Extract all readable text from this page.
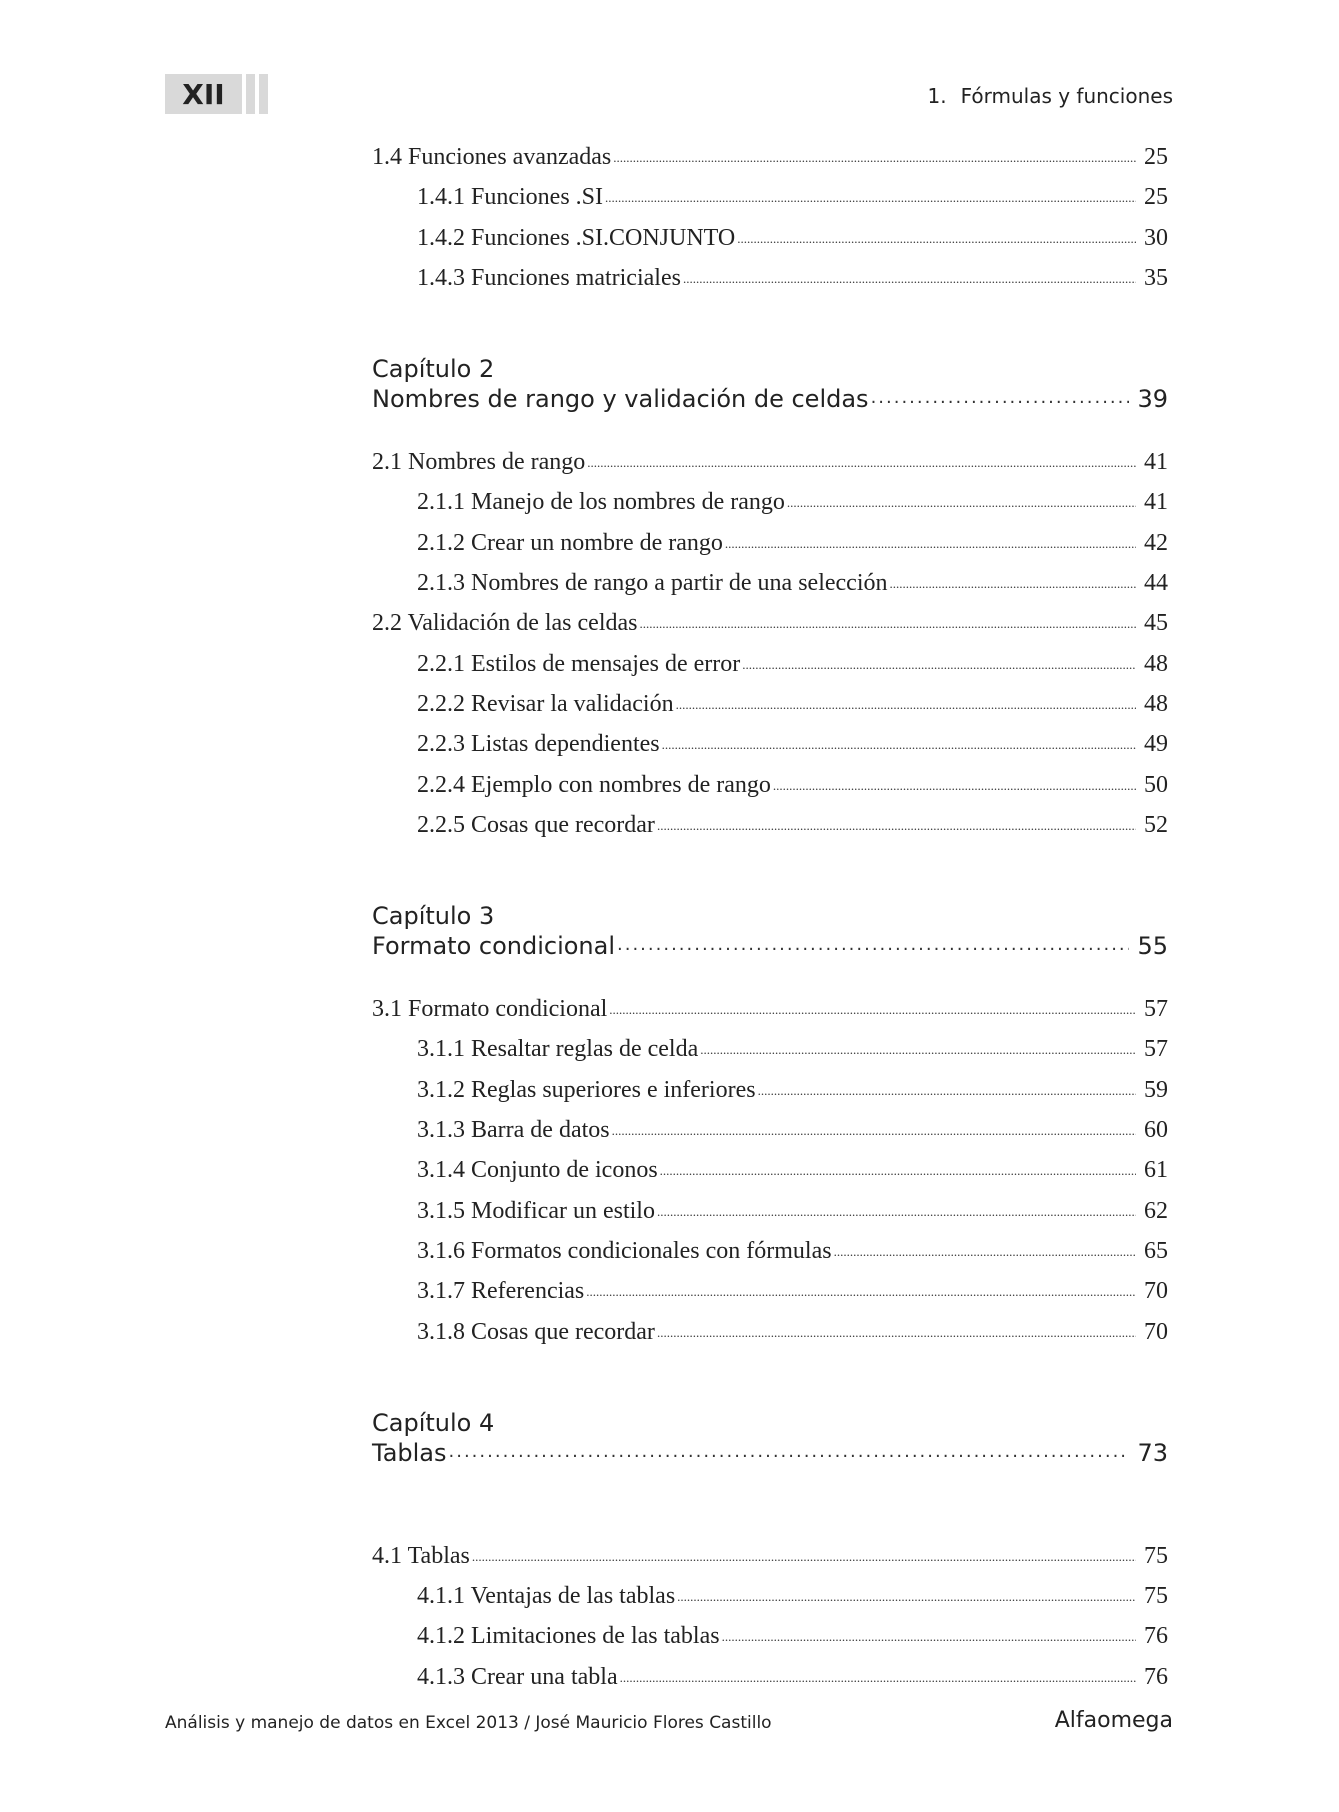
XII	1. Fórmulas y funciones
1.4 Funciones avanzadas .....	25
1.4.1 Funciones .SI .....	25
1.4.2 Funciones .SI.CONJUNTO .....	30
1.4.3 Funciones matriciales .....	35
Capítulo 2
Nombres de rango y validación de celdas .....	39
2.1 Nombres de rango .....	41
2.1.1 Manejo de los nombres de rango .....	41
2.1.2 Crear un nombre de rango .....	42
2.1.3 Nombres de rango a partir de una selección .....	44
2.2 Validación de las celdas .....	45
2.2.1 Estilos de mensajes de error .....	48
2.2.2 Revisar la validación .....	48
2.2.3 Listas dependientes .....	49
2.2.4 Ejemplo con nombres de rango .....	50
2.2.5 Cosas que recordar .....	52
Capítulo 3
Formato condicional .....	55
3.1 Formato condicional .....	57
3.1.1 Resaltar reglas de celda .....	57
3.1.2 Reglas superiores e inferiores .....	59
3.1.3 Barra de datos .....	60
3.1.4 Conjunto de iconos .....	61
3.1.5 Modificar un estilo .....	62
3.1.6 Formatos condicionales con fórmulas .....	65
3.1.7 Referencias .....	70
3.1.8 Cosas que recordar .....	70
Capítulo 4
Tablas .....	73
4.1 Tablas .....	75
4.1.1 Ventajas de las tablas .....	75
4.1.2 Limitaciones de las tablas .....	76
4.1.3 Crear una tabla .....	76
Análisis y manejo de datos en Excel 2013 / José Mauricio Flores Castillo	Alfaomega
